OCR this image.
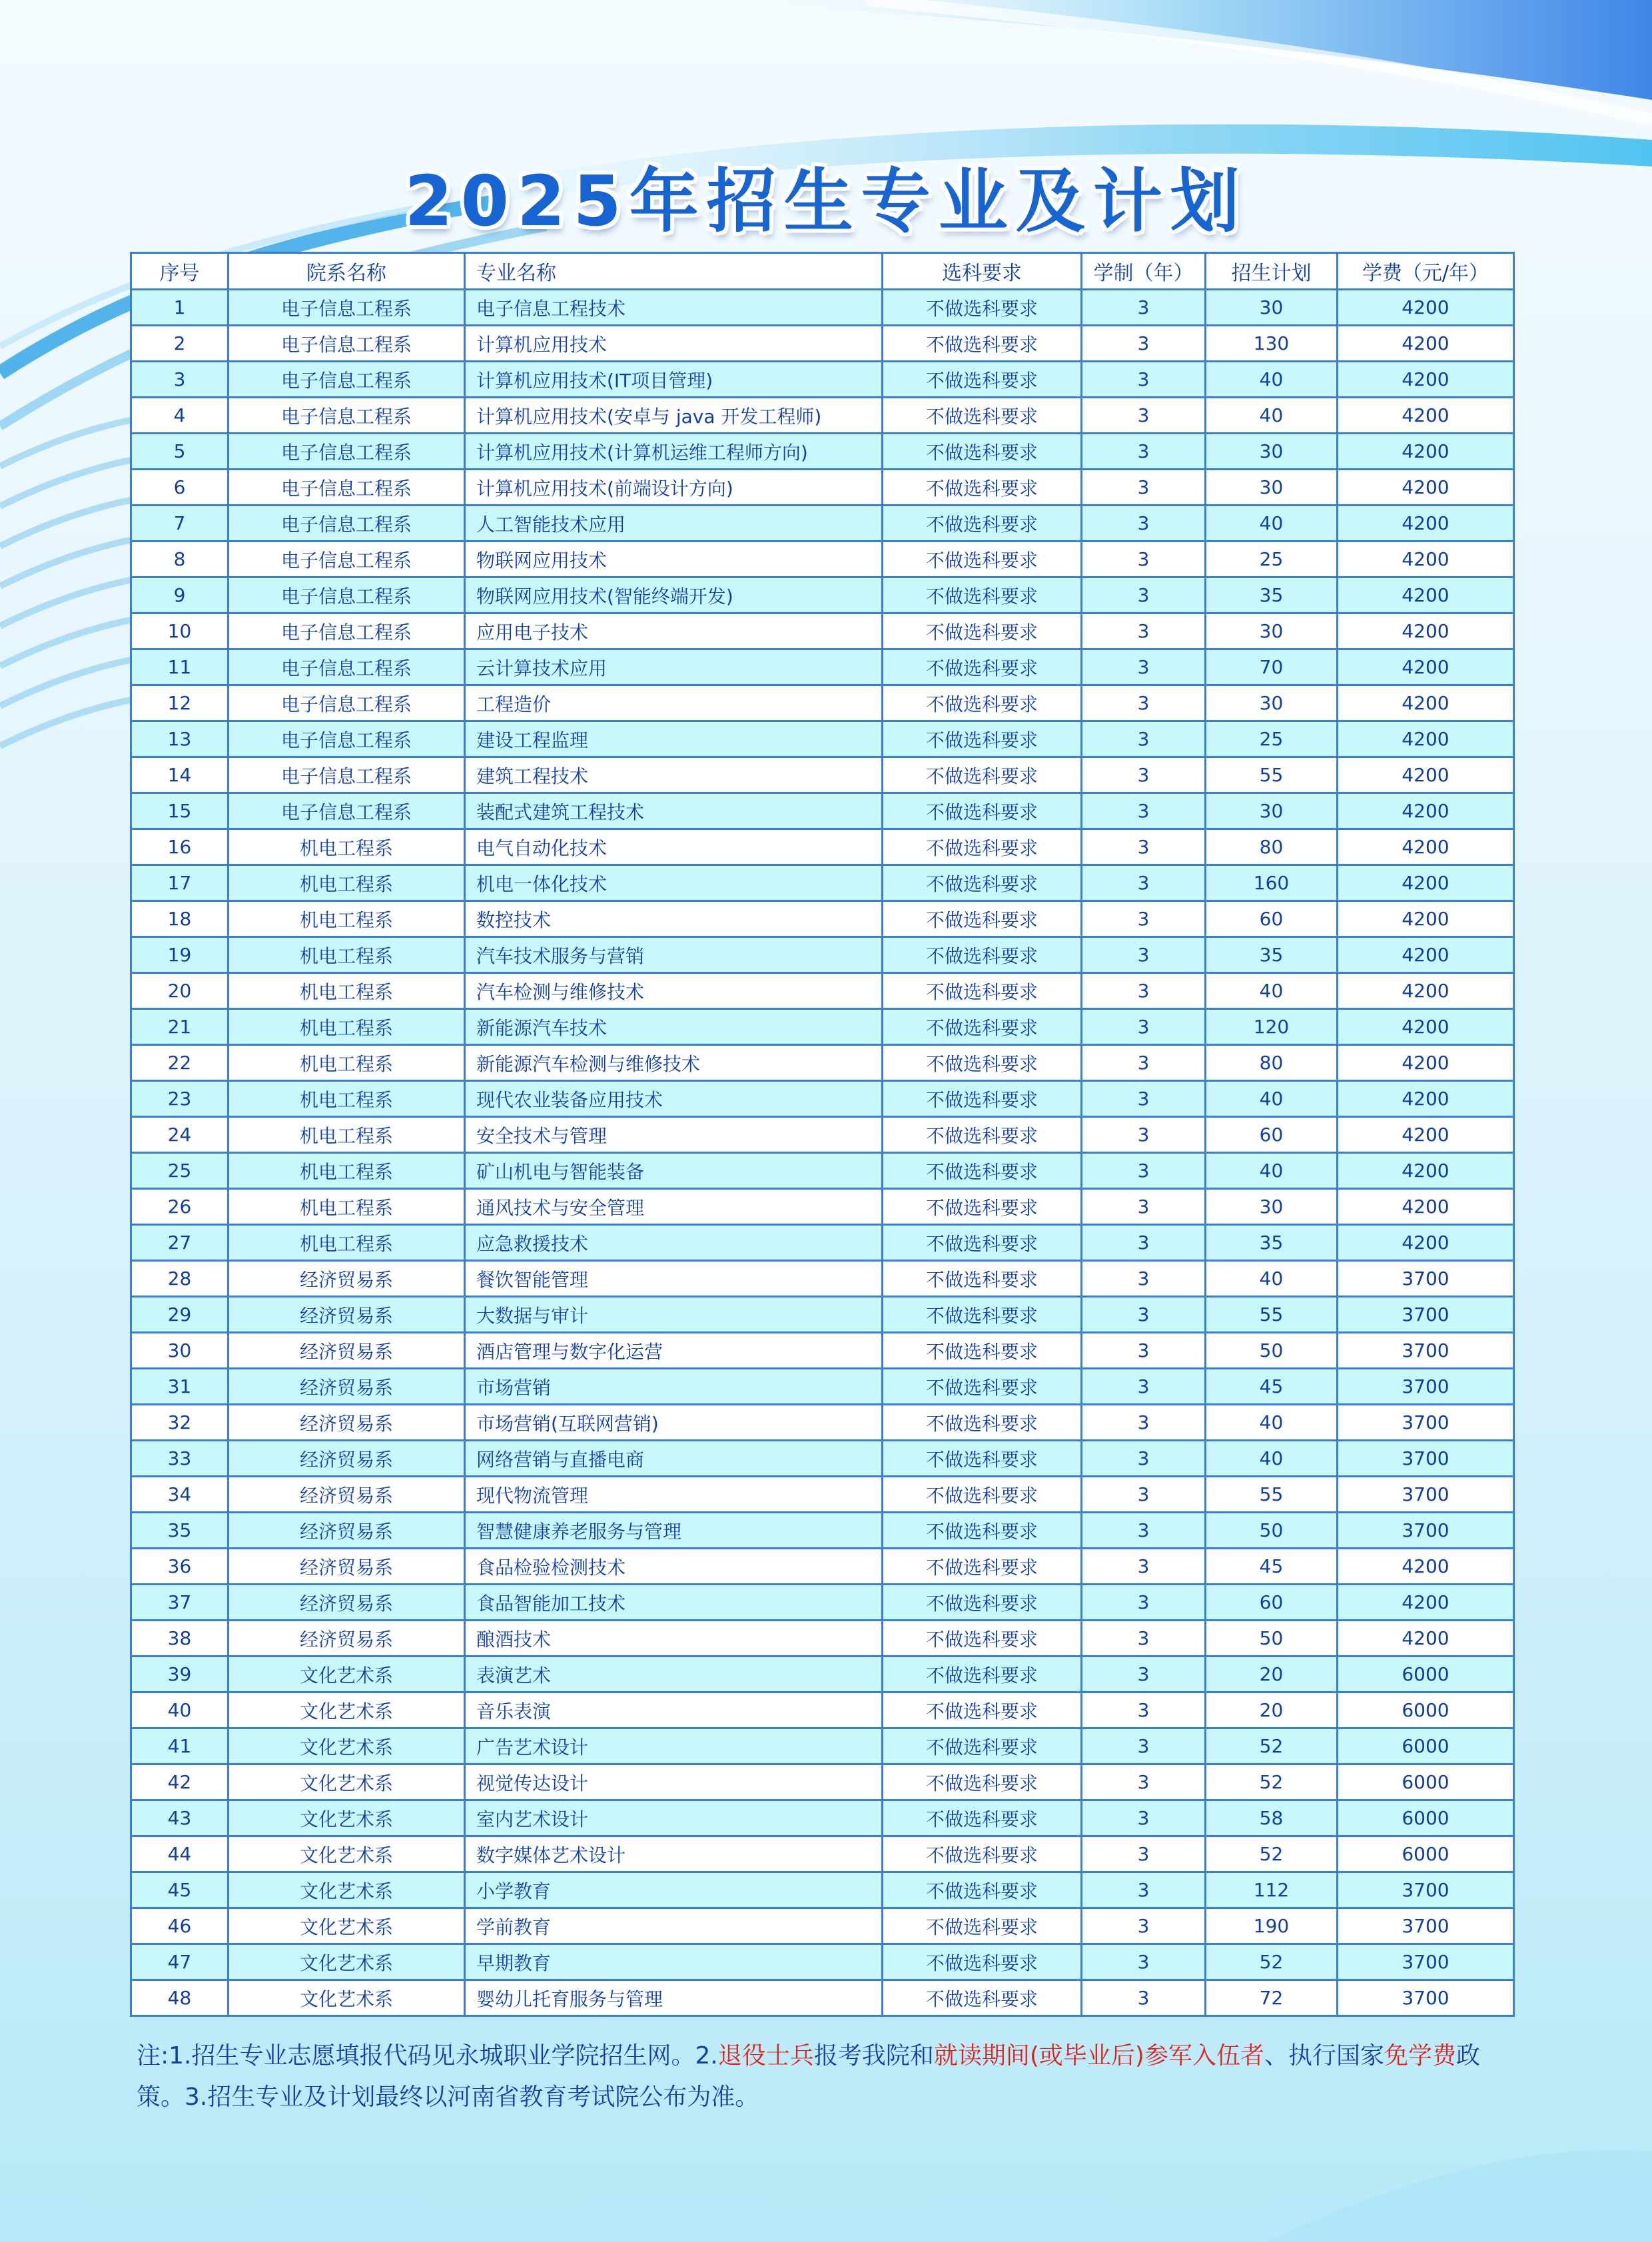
2025年招生专业及计划
序号	院系名称	专业名称	选科要求	学制（年）	招生计划	学费（元/年）
1	电子信息工程系	电子信息工程技术	不做选科要求	3	30	4200
2	电子信息工程系	计算机应用技术	不做选科要求	3	130	4200
3	电子信息工程系	计算机应用技术(IT项目管理)	不做选科要求	3	40	4200
4	电子信息工程系	计算机应用技术(安卓与 java 开发工程师)	不做选科要求	3	40	4200
5	电子信息工程系	计算机应用技术(计算机运维工程师方向)	不做选科要求	3	30	4200
6	电子信息工程系	计算机应用技术(前端设计方向)	不做选科要求	3	30	4200
7	电子信息工程系	人工智能技术应用	不做选科要求	3	40	4200
8	电子信息工程系	物联网应用技术	不做选科要求	3	25	4200
9	电子信息工程系	物联网应用技术(智能终端开发)	不做选科要求	3	35	4200
10	电子信息工程系	应用电子技术	不做选科要求	3	30	4200
11	电子信息工程系	云计算技术应用	不做选科要求	3	70	4200
12	电子信息工程系	工程造价	不做选科要求	3	30	4200
13	电子信息工程系	建设工程监理	不做选科要求	3	25	4200
14	电子信息工程系	建筑工程技术	不做选科要求	3	55	4200
15	电子信息工程系	装配式建筑工程技术	不做选科要求	3	30	4200
16	机电工程系	电气自动化技术	不做选科要求	3	80	4200
17	机电工程系	机电一体化技术	不做选科要求	3	160	4200
18	机电工程系	数控技术	不做选科要求	3	60	4200
19	机电工程系	汽车技术服务与营销	不做选科要求	3	35	4200
20	机电工程系	汽车检测与维修技术	不做选科要求	3	40	4200
21	机电工程系	新能源汽车技术	不做选科要求	3	120	4200
22	机电工程系	新能源汽车检测与维修技术	不做选科要求	3	80	4200
23	机电工程系	现代农业装备应用技术	不做选科要求	3	40	4200
24	机电工程系	安全技术与管理	不做选科要求	3	60	4200
25	机电工程系	矿山机电与智能装备	不做选科要求	3	40	4200
26	机电工程系	通风技术与安全管理	不做选科要求	3	30	4200
27	机电工程系	应急救援技术	不做选科要求	3	35	4200
28	经济贸易系	餐饮智能管理	不做选科要求	3	40	3700
29	经济贸易系	大数据与审计	不做选科要求	3	55	3700
30	经济贸易系	酒店管理与数字化运营	不做选科要求	3	50	3700
31	经济贸易系	市场营销	不做选科要求	3	45	3700
32	经济贸易系	市场营销(互联网营销)	不做选科要求	3	40	3700
33	经济贸易系	网络营销与直播电商	不做选科要求	3	40	3700
34	经济贸易系	现代物流管理	不做选科要求	3	55	3700
35	经济贸易系	智慧健康养老服务与管理	不做选科要求	3	50	3700
36	经济贸易系	食品检验检测技术	不做选科要求	3	45	4200
37	经济贸易系	食品智能加工技术	不做选科要求	3	60	4200
38	经济贸易系	酿酒技术	不做选科要求	3	50	4200
39	文化艺术系	表演艺术	不做选科要求	3	20	6000
40	文化艺术系	音乐表演	不做选科要求	3	20	6000
41	文化艺术系	广告艺术设计	不做选科要求	3	52	6000
42	文化艺术系	视觉传达设计	不做选科要求	3	52	6000
43	文化艺术系	室内艺术设计	不做选科要求	3	58	6000
44	文化艺术系	数字媒体艺术设计	不做选科要求	3	52	6000
45	文化艺术系	小学教育	不做选科要求	3	112	3700
46	文化艺术系	学前教育	不做选科要求	3	190	3700
47	文化艺术系	早期教育	不做选科要求	3	52	3700
48	文化艺术系	婴幼儿托育服务与管理	不做选科要求	3	72	3700
注:1.招生专业志愿填报代码见永城职业学院招生网。2.退役士兵报考我院和就读期间(或毕业后)参军入伍者、执行国家免学费政策。3.招生专业及计划最终以河南省教育考试院公布为准。
